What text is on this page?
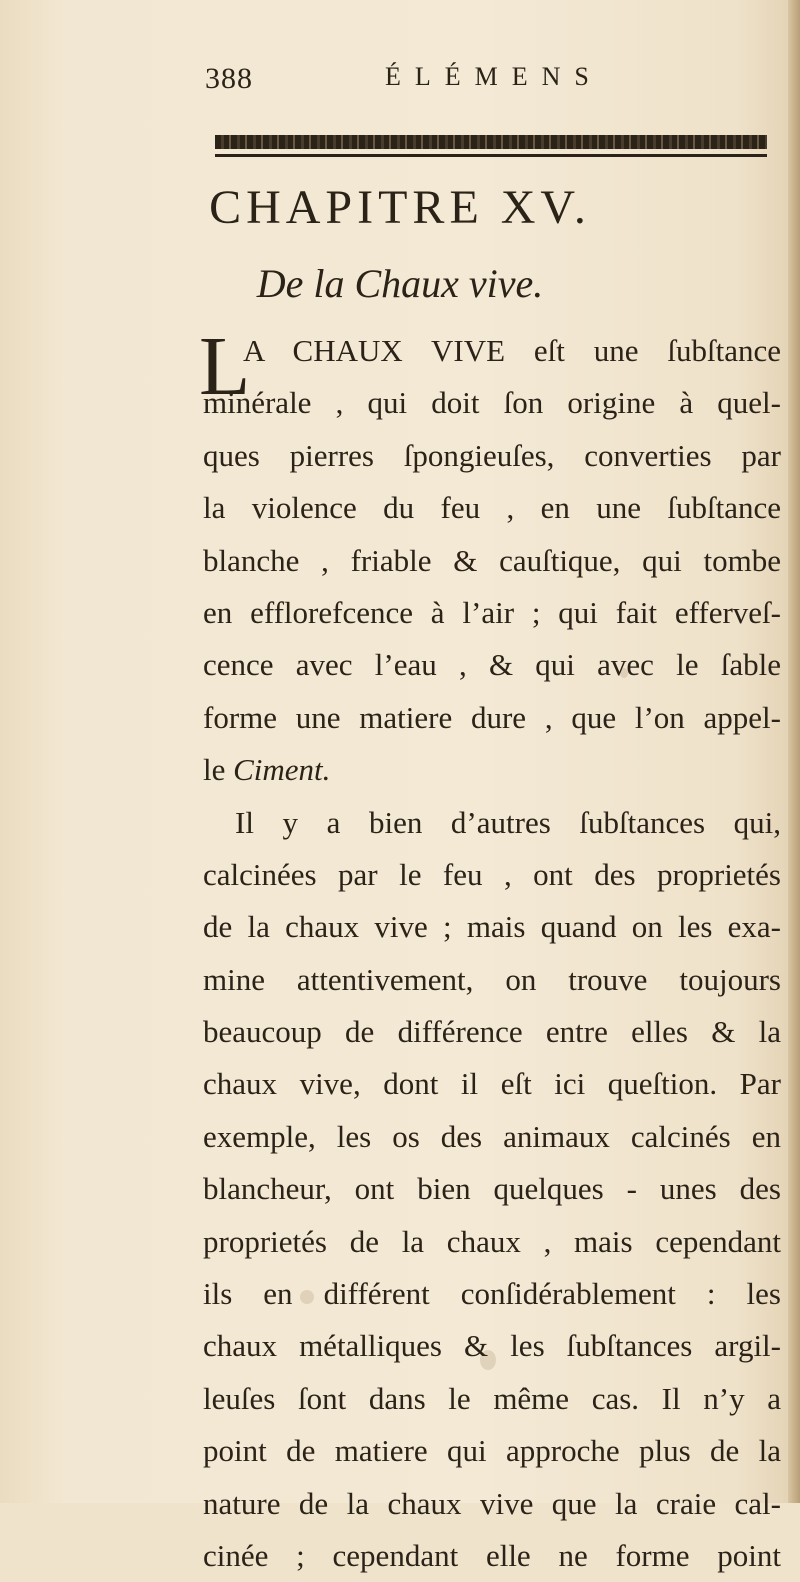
388	ÉLÉMENS
CHAPITRE XV.
De la Chaux vive.
L
A CHAUX VIVE eſt une ſubſtance
minérale , qui doit ſon origine à quel-
ques pierres ſpongieuſes, converties par
la violence du feu , en une ſubſtance
blanche , friable & cauſtique, qui tombe
en efflorefcence à l’air ; qui fait efferveſ-
cence avec l’eau , & qui avec le ſable
forme une matiere dure , que l’on appel-
le Ciment.
Il y a bien d’autres ſubſtances qui,
calcinées par le feu , ont des proprietés
de la chaux vive ; mais quand on les exa-
mine attentivement, on trouve toujours
beaucoup de différence entre elles & la
chaux vive, dont il eſt ici queſtion. Par
exemple, les os des animaux calcinés en
blancheur, ont bien quelques - unes des
proprietés de la chaux , mais cependant
ils en différent conſidérablement : les
chaux métalliques & les ſubſtances argil-
leuſes ſont dans le même cas. Il n’y a
point de matiere qui approche plus de la
nature de la chaux vive que la craie cal-
cinée ; cependant elle ne forme point
